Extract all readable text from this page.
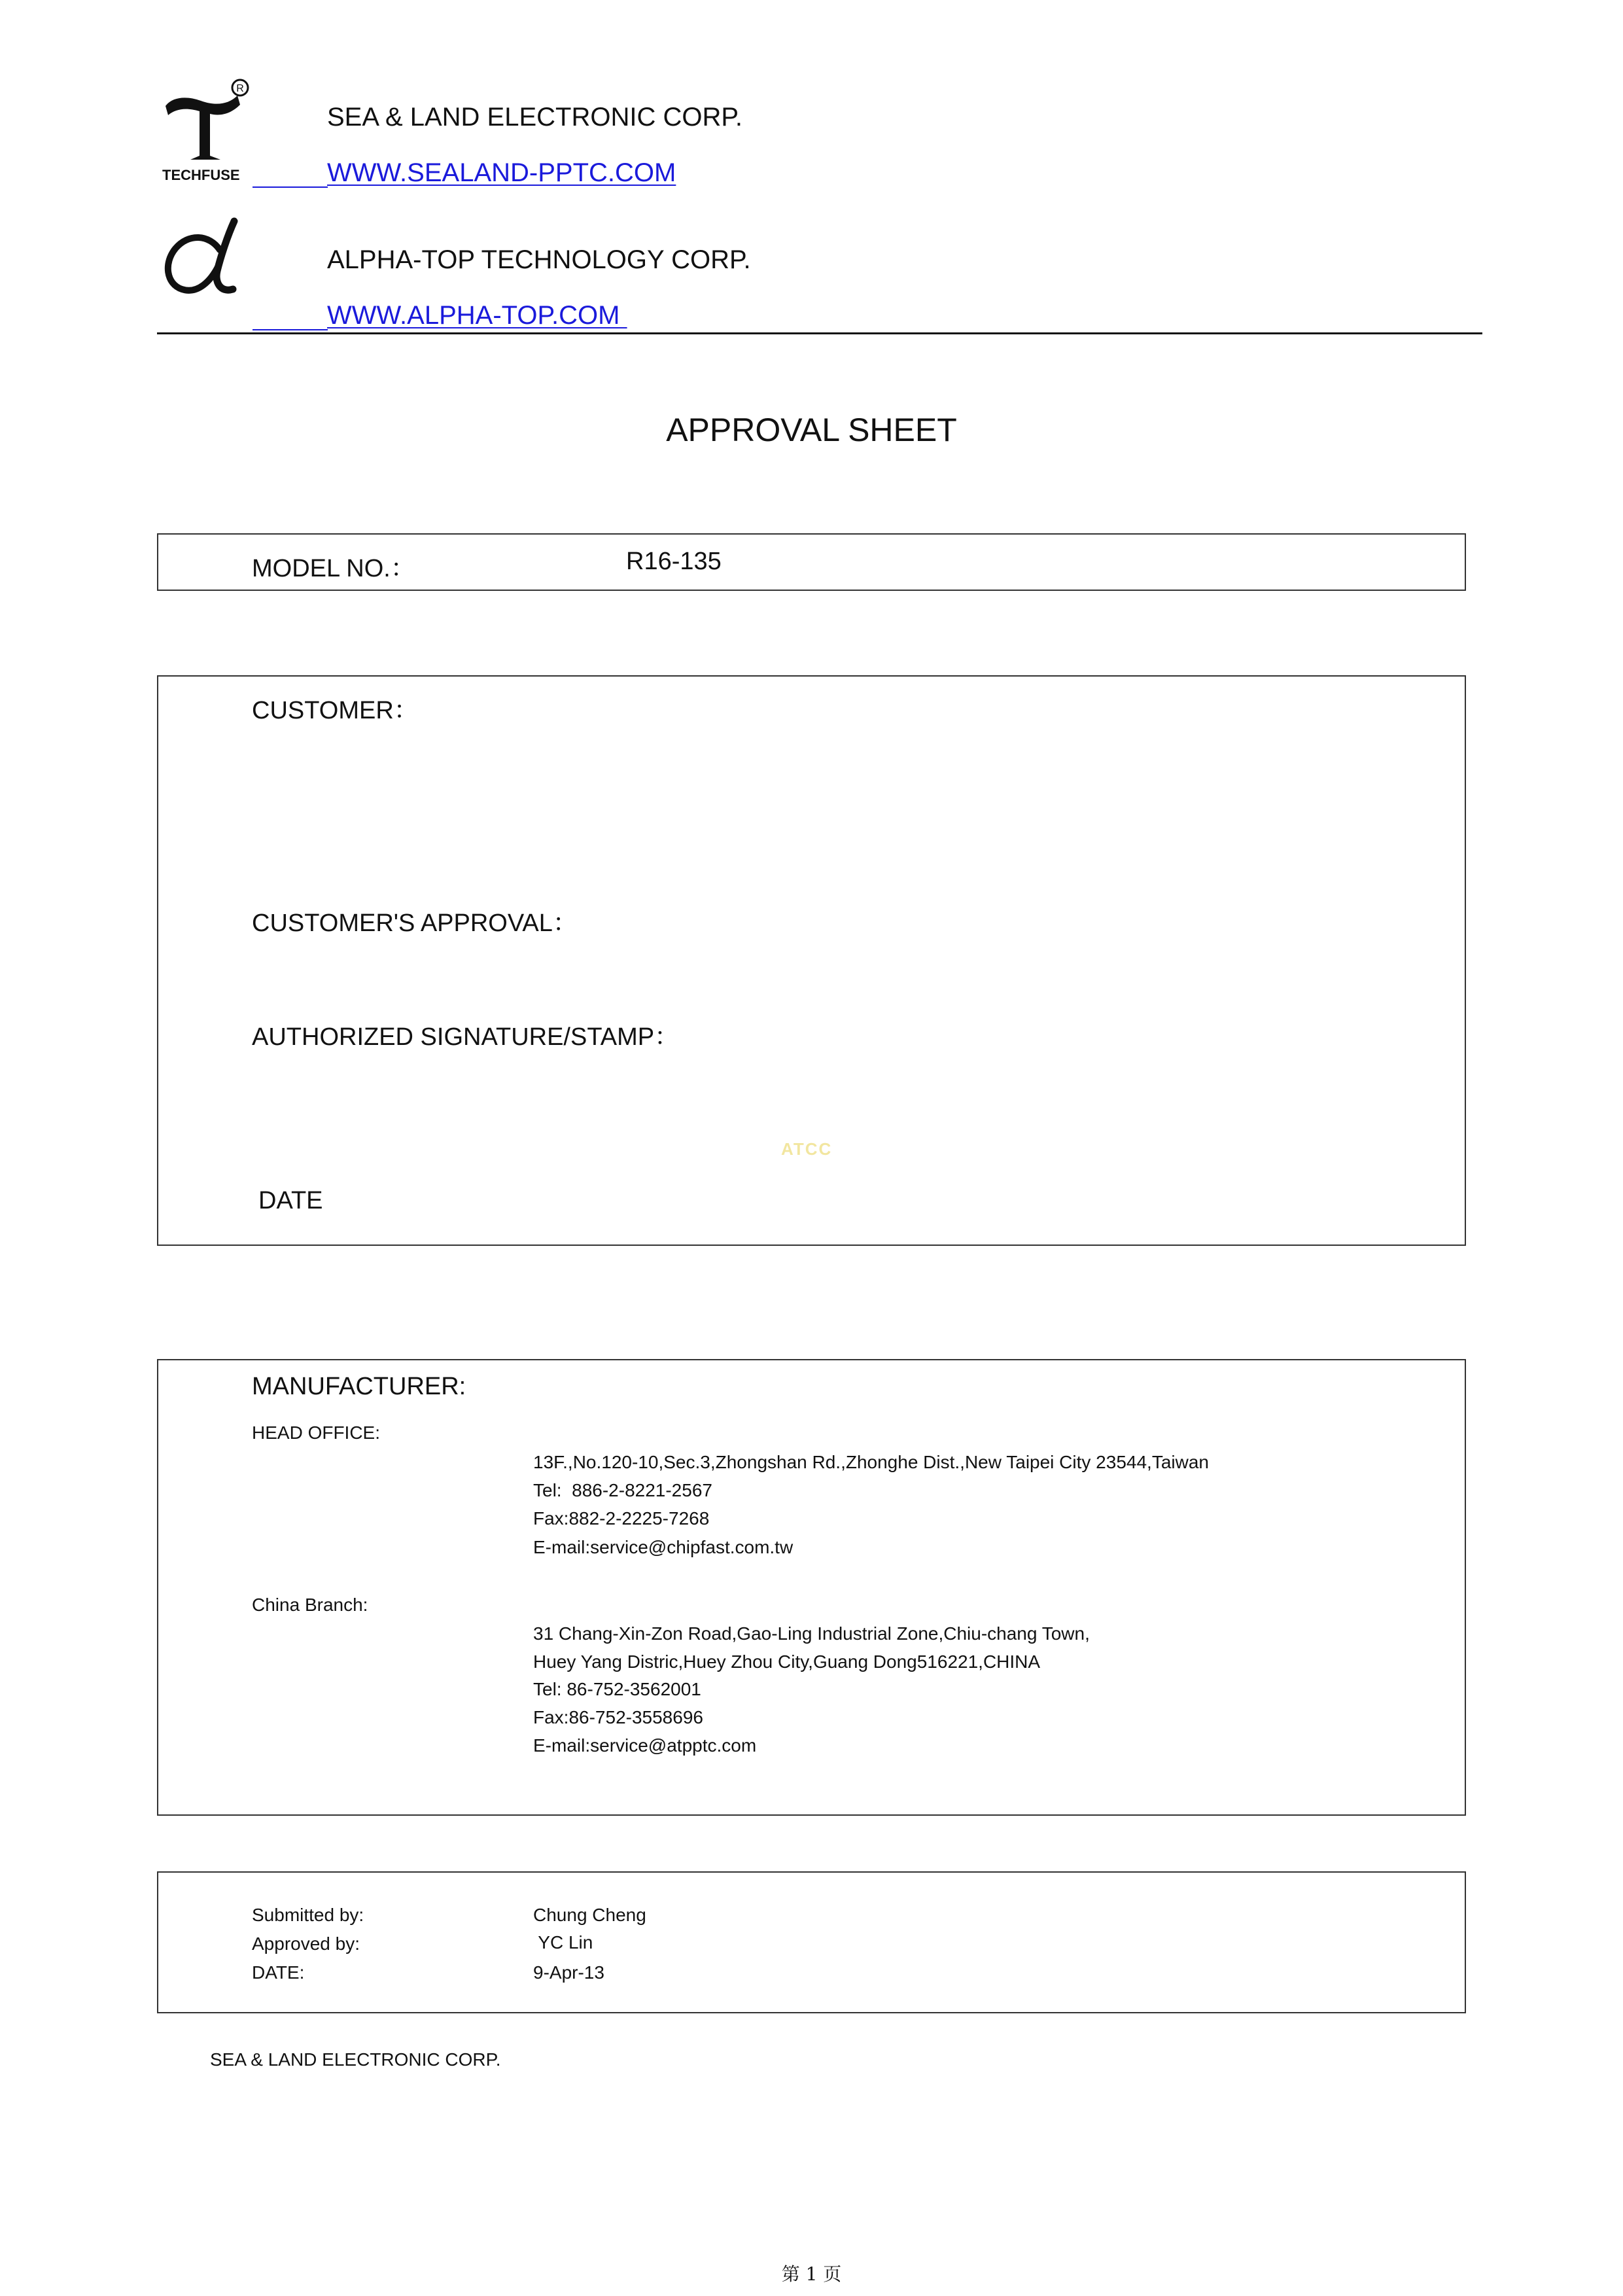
R
TECHFUSE
SEA & LAND ELECTRONIC CORP.
WWW.SEALAND-PPTC.COM
ALPHA-TOP TECHNOLOGY CORP.
WWW.ALPHA-TOP.COM
APPROVAL SHEET
MODEL NO.：	R16-135
CUSTOMER：
CUSTOMER'S APPROVAL：
AUTHORIZED SIGNATURE/STAMP：
ATCC
DATE
MANUFACTURER:
HEAD OFFICE:
13F.,No.120-10,Sec.3,Zhongshan Rd.,Zhonghe Dist.,New Taipei City 23544,Taiwan
Tel:  886-2-8221-2567
Fax:882-2-2225-7268
E-mail:service@chipfast.com.tw
China Branch:
31 Chang-Xin-Zon Road,Gao-Ling Industrial Zone,Chiu-chang Town,
Huey Yang Distric,Huey Zhou City,Guang Dong516221,CHINA
Tel: 86-752-3562001
Fax:86-752-3558696
E-mail:service@atpptc.com
Submitted by:	Chung Cheng
Approved by:	YC Lin
DATE:	9-Apr-13
SEA & LAND ELECTRONIC CORP.
第 1 页
